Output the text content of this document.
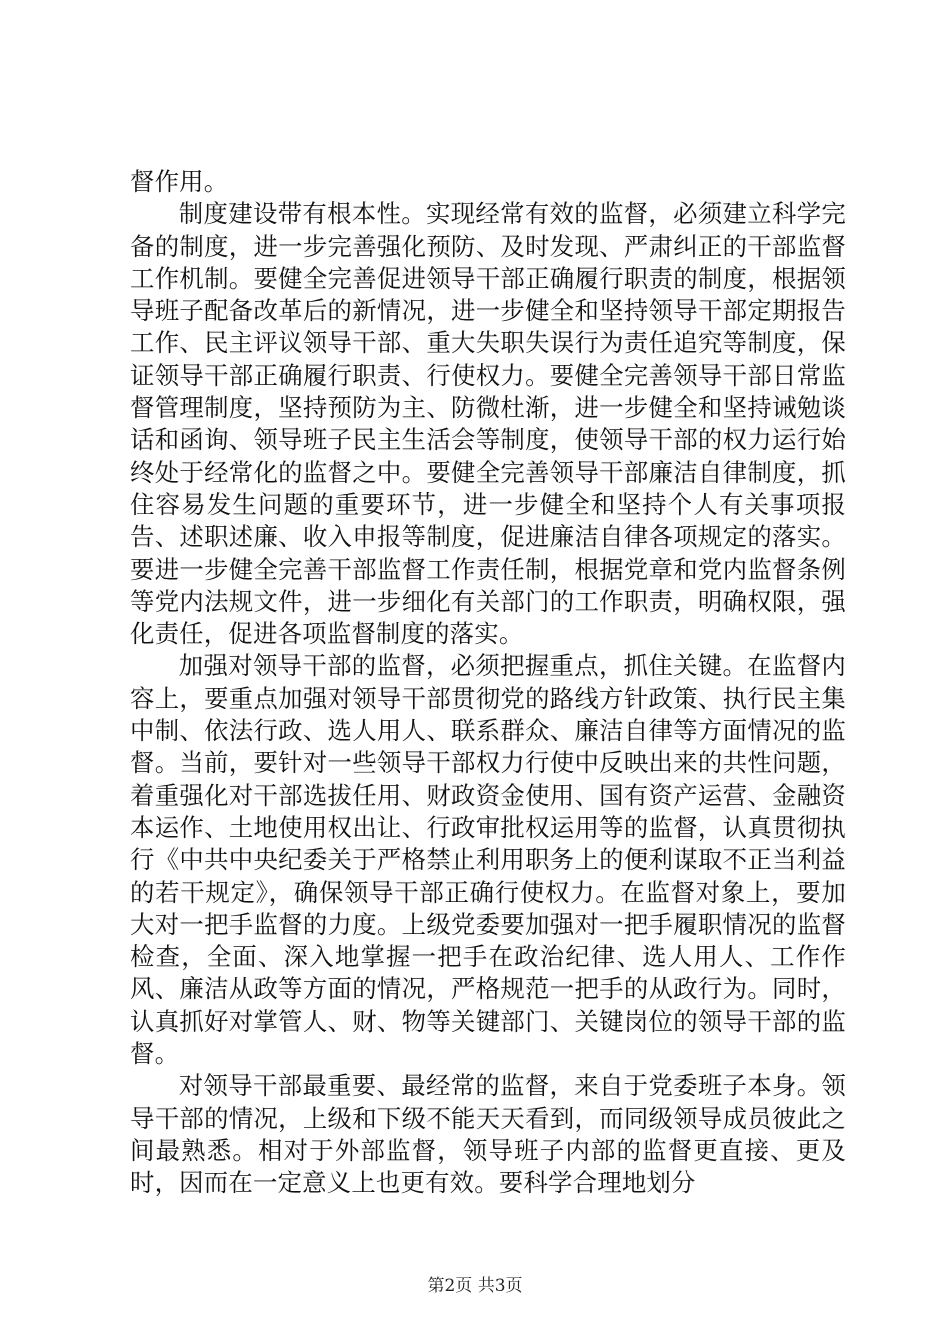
督作用。

制度建设带有根本性。实现经常有效的监督，必须建立科学完备的制度，进一步完善强化预防、及时发现、严肃纠正的干部监督工作机制。要健全完善促进领导干部正确履行职责的制度，根据领导班子配备改革后的新情况，进一步健全和坚持领导干部定期报告工作、民主评议领导干部、重大失职失误行为责任追究等制度，保证领导干部正确履行职责、行使权力。要健全完善领导干部日常监督管理制度，坚持预防为主、防微杜渐，进一步健全和坚持诫勉谈话和函询、领导班子民主生活会等制度，使领导干部的权力运行始终处于经常化的监督之中。要健全完善领导干部廉洁自律制度，抓住容易发生问题的重要环节，进一步健全和坚持个人有关事项报告、述职述廉、收入申报等制度，促进廉洁自律各项规定的落实。要进一步健全完善干部监督工作责任制，根据党章和党内监督条例等党内法规文件，进一步细化有关部门的工作职责，明确权限，强化责任，促进各项监督制度的落实。

加强对领导干部的监督，必须把握重点，抓住关键。在监督内容上，要重点加强对领导干部贯彻党的路线方针政策、执行民主集中制、依法行政、选人用人、联系群众、廉洁自律等方面情况的监督。当前，要针对一些领导干部权力行使中反映出来的共性问题，着重强化对干部选拔任用、财政资金使用、国有资产运营、金融资本运作、土地使用权出让、行政审批权运用等的监督，认真贯彻执行《中共中央纪委关于严格禁止利用职务上的便利谋取不正当利益的若干规定》，确保领导干部正确行使权力。在监督对象上，要加大对一把手监督的力度。上级党委要加强对一把手履职情况的监督检查，全面、深入地掌握一把手在政治纪律、选人用人、工作作风、廉洁从政等方面的情况，严格规范一把手的从政行为。同时，认真抓好对掌管人、财、物等关键部门、关键岗位的领导干部的监督。

对领导干部最重要、最经常的监督，来自于党委班子本身。领导干部的情况，上级和下级不能天天看到，而同级领导成员彼此之间最熟悉。相对于外部监督，领导班子内部的监督更直接、更及时，因而在一定意义上也更有效。要科学合理地划分

第2页 共3页
